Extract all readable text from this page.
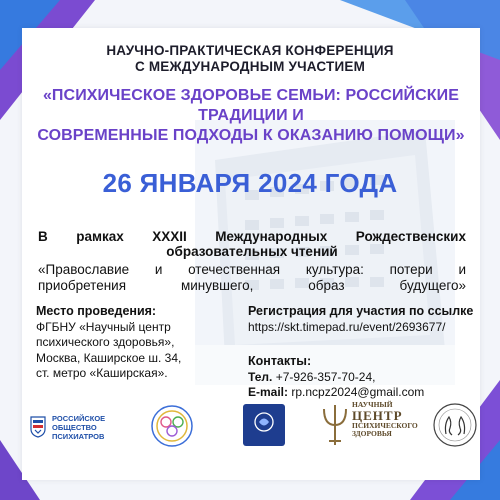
НАУЧНО-ПРАКТИЧЕСКАЯ КОНФЕРЕНЦИЯ
С МЕЖДУНАРОДНЫМ УЧАСТИЕМ
«ПСИХИЧЕСКОЕ ЗДОРОВЬЕ СЕМЬИ: РОССИЙСКИЕ ТРАДИЦИИ И
СОВРЕМЕННЫЕ ПОДХОДЫ К ОКАЗАНИЮ ПОМОЩИ»
26 ЯНВАРЯ 2024 ГОДА
В рамках XXXII Международных Рождественских
образовательных чтений
«Православие и отечественная культура: потери и
приобретения	минувшего,	образ	будущего»
Место проведения:
ФГБНУ «Научный центр
психического здоровья»,
Москва, Каширское ш. 34,
ст. метро «Каширская».
Регистрация для участия по ссылке
https://skt.timepad.ru/event/2693677/
Контакты:
Тел. +7-926-357-70-24,
E-mail: rp.ncpz2024@gmail.com
РОССИЙСКОЕ
ОБЩЕСТВО
ПСИХИАТРОВ

НАУЧНЫЙ
ЦЕНТР
ПСИХИЧЕСКОГО
ЗДОРОВЬЯ
